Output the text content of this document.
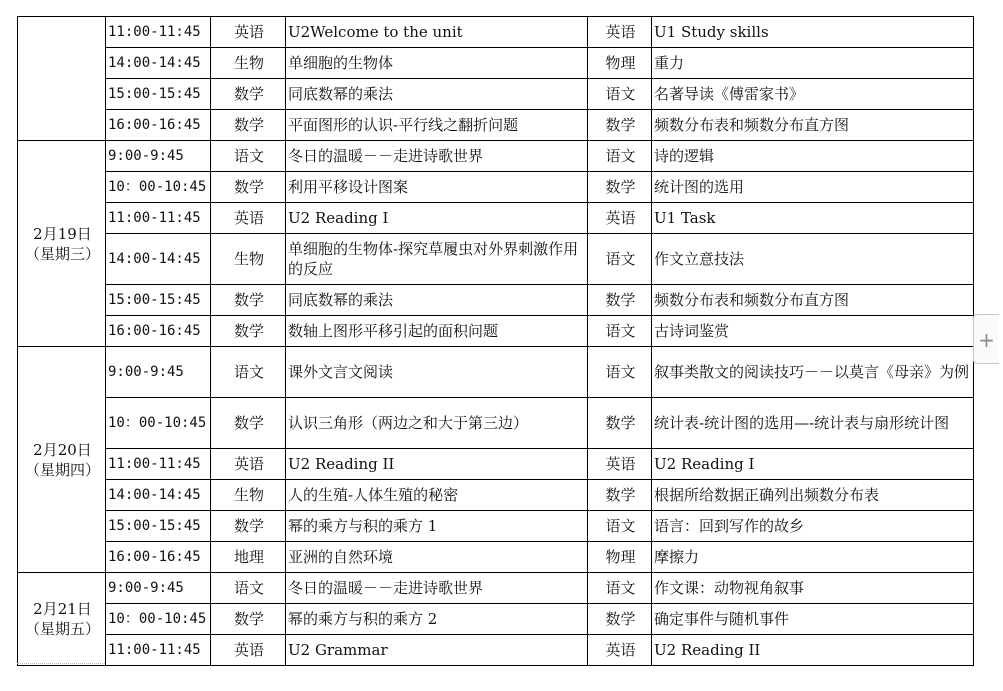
	11:00-11:45	英语	U2Welcome to the unit	英语	U1 Study skills
	14:00-14:45	生物	单细胞的生物体	物理	重力
	15:00-15:45	数学	同底数幂的乘法	语文	名著导读《傅雷家书》
	16:00-16:45	数学	平面图形的认识-平行线之翻折问题	数学	频数分布表和频数分布直方图

2月19日
（星期三）	9:00-9:45	语文	冬日的温暖－－走进诗歌世界	语文	诗的逻辑
	10：00-10:45	数学	利用平移设计图案	数学	统计图的选用
	11:00-11:45	英语	U2 Reading I	英语	U1 Task
	14:00-14:45	生物	单细胞的生物体-探究草履虫对外界刺激作用的反应	语文	作文立意技法
	15:00-15:45	数学	同底数幂的乘法	数学	频数分布表和频数分布直方图
	16:00-16:45	数学	数轴上图形平移引起的面积问题	语文	古诗词鉴赏

2月20日
（星期四）	9:00-9:45	语文	课外文言文阅读	语文	叙事类散文的阅读技巧－－以莫言《母亲》为例
	10：00-10:45	数学	认识三角形（两边之和大于第三边）	数学	统计表-统计图的选用—-统计表与扇形统计图
	11:00-11:45	英语	U2 Reading II	英语	U2 Reading I
	14:00-14:45	生物	人的生殖-人体生殖的秘密	数学	根据所给数据正确列出频数分布表
	15:00-15:45	数学	幂的乘方与积的乘方 1	语文	语言：回到写作的故乡
	16:00-16:45	地理	亚洲的自然环境	物理	摩擦力

2月21日
（星期五）	9:00-9:45	语文	冬日的温暖－－走进诗歌世界	语文	作文课：动物视角叙事
	10：00-10:45	数学	幂的乘方与积的乘方 2	数学	确定事件与随机事件
	11:00-11:45	英语	U2 Grammar	英语	U2 Reading II
+
